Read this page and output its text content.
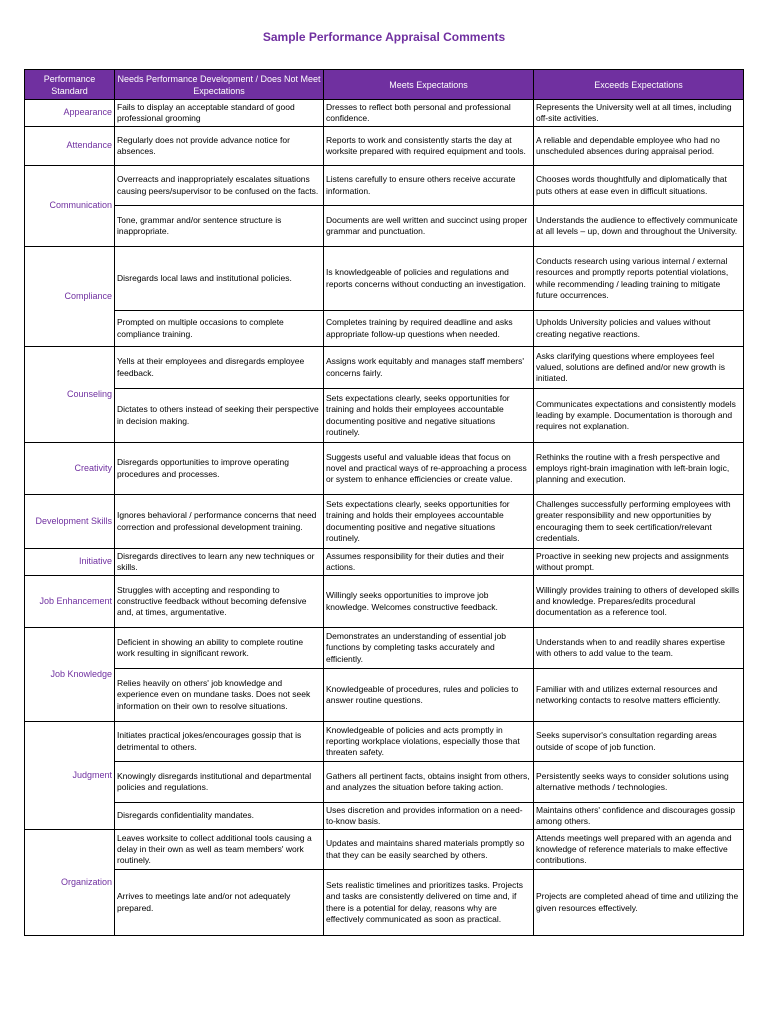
Sample Performance Appraisal Comments
Performance Standard	Needs Performance Development / Does Not Meet Expectations	Meets Expectations	Exceeds Expectations
Appearance	Fails to display an acceptable standard of good professional grooming	Dresses to reflect both personal and professional confidence.	Represents the University well at all times, including off-site activities.
Attendance	Regularly does not provide advance notice for absences.	Reports to work and consistently starts the day at worksite prepared with required equipment and tools.	A reliable and dependable employee who had no unscheduled absences during appraisal period.
Communication	Overreacts and inappropriately escalates situations causing peers/supervisor to be confused on the facts.	Listens carefully to ensure others receive accurate information.	Chooses words thoughtfully and diplomatically that puts others at ease even in difficult situations.
	Tone, grammar and/or sentence structure is inappropriate.	Documents are well written and succinct using proper grammar and punctuation.	Understands the audience to effectively communicate at all levels – up, down and throughout the University.
Compliance	Disregards local laws and institutional policies.	Is knowledgeable of policies and regulations and reports concerns without conducting an investigation.	Conducts research using various internal / external resources and promptly reports potential violations, while recommending / leading training to mitigate future occurrences.
	Prompted on multiple occasions to complete compliance training.	Completes training by required deadline and asks appropriate follow-up questions when needed.	Upholds University policies and values without creating negative reactions.
Counseling	Yells at their employees and disregards employee feedback.	Assigns work equitably and manages staff members' concerns fairly.	Asks clarifying questions where employees feel valued, solutions are defined and/or new growth is initiated.
	Dictates to others instead of seeking their perspective in decision making.	Sets expectations clearly, seeks opportunities for training and holds their employees accountable documenting positive and negative situations routinely.	Communicates expectations and consistently models leading by example. Documentation is thorough and requires not explanation.
Creativity	Disregards opportunities to improve operating procedures and processes.	Suggests useful and valuable ideas that focus on novel and practical ways of re-approaching a process or system to enhance efficiencies or create value.	Rethinks the routine with a fresh perspective and employs right-brain imagination with left-brain logic, planning and execution.
Development Skills	Ignores behavioral / performance concerns that need correction and professional development training.	Sets expectations clearly, seeks opportunities for training and holds their employees accountable documenting positive and negative situations routinely.	Challenges successfully performing employees with greater responsibility and new opportunities by encouraging them to seek certification/relevant credentials.
Initiative	Disregards directives to learn any new techniques or skills.	Assumes responsibility for their duties and their actions.	Proactive in seeking new projects and assignments without prompt.
Job Enhancement	Struggles with accepting and responding to constructive feedback without becoming defensive and, at times, argumentative.	Willingly seeks opportunities to improve job knowledge. Welcomes constructive feedback.	Willingly provides training to others of developed skills and knowledge. Prepares/edits procedural documentation as a reference tool.
Job Knowledge	Deficient in showing an ability to complete routine work resulting in significant rework.	Demonstrates an understanding of essential job functions by completing tasks accurately and efficiently.	Understands when to and readily shares expertise with others to add value to the team.
	Relies heavily on others' job knowledge and experience even on mundane tasks. Does not seek information on their own to resolve situations.	Knowledgeable of procedures, rules and policies to answer routine questions.	Familiar with and utilizes external resources and networking contacts to resolve matters efficiently.
Judgment	Initiates practical jokes/encourages gossip that is detrimental to others.	Knowledgeable of policies and acts promptly in reporting workplace violations, especially those that threaten safety.	Seeks supervisor's consultation regarding areas outside of scope of job function.
	Knowingly disregards institutional and departmental policies and regulations.	Gathers all pertinent facts, obtains insight from others, and analyzes the situation before taking action.	Persistently seeks ways to consider solutions using alternative methods / technologies.
	Disregards confidentiality mandates.	Uses discretion and provides information on a need-to-know basis.	Maintains others' confidence and discourages gossip among others.
Organization	Leaves worksite to collect additional tools causing a delay in their own as well as team members' work routinely.	Updates and maintains shared materials promptly so that they can be easily searched by others.	Attends meetings well prepared with an agenda and knowledge of reference materials to make effective contributions.
	Arrives to meetings late and/or not adequately prepared.	Sets realistic timelines and prioritizes tasks. Projects and tasks are consistently delivered on time and, if there is a potential for delay, reasons why are effectively communicated as soon as practical.	Projects are completed ahead of time and utilizing the given resources effectively.
